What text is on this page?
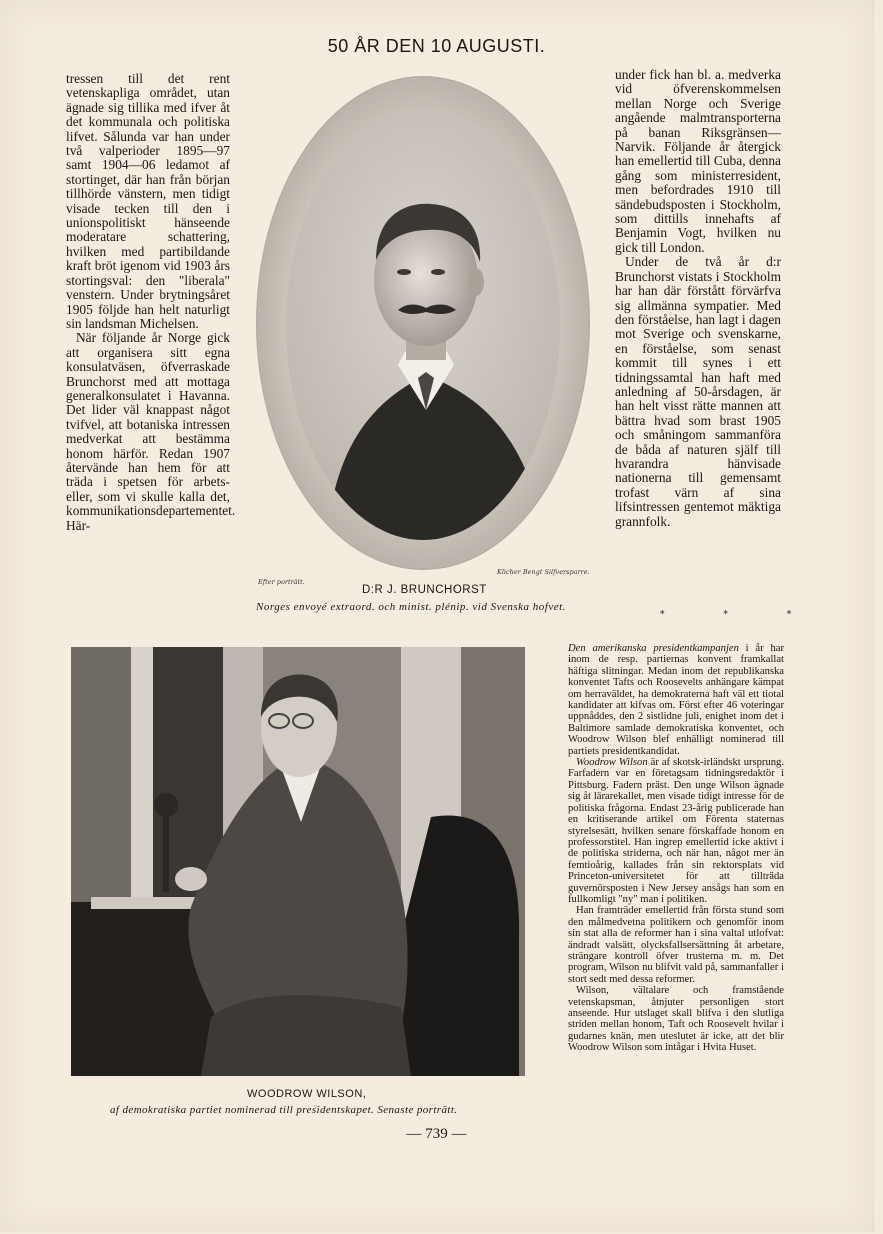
50 ÅR DEN 10 AUGUSTI.

tressen till det rent vetenskapliga området, utan ägnade sig tillika med ifver åt det kommunala och politiska lifvet. Sålunda var han under två valperioder 1895—97 samt 1904—06 ledamot af stortinget, där han från början tillhörde vänstern, men tidigt visade tecken till den i unionspolitiskt hänseende moderatare schattering, hvilken med partibildande kraft bröt igenom vid 1903 års stortingsval: den "liberala" venstern. Under brytningsåret 1905 följde han helt naturligt sin landsman Michelsen.

När följande år Norge gick att organisera sitt egna konsulatväsen, öfverraskade Brunchorst med att mottaga generalkonsulatet i Havanna. Det lider väl knappast något tvifvel, att botaniska intressen medverkat att bestämma honom härför. Redan 1907 återvände han hem för att träda i spetsen för arbets- eller, som vi skulle kalla det, kommunikationsdepartementet. Här-

Efter porträtt.
Klicher Bengt Silfversparre.
D:R J. BRUNCHORST
Norges envoyé extraord. och minist. plénip. vid Svenska hofvet.

under fick han bl. a. medverka vid öfverenskommelsen mellan Norge och Sverige angående malmtransporterna på banan Riksgränsen—Narvik. Följande år återgick han emellertid till Cuba, denna gång som ministerresident, men befordrades 1910 till sändebudsposten i Stockholm, som dittills innehafts af Benjamin Vogt, hvilken nu gick till London.

Under de två år d:r Brunchorst vistats i Stockholm har han där förstått förvärfva sig allmänna sympatier. Med den förståelse, han lagt i dagen mot Sverige och svenskarne, en förståelse, som senast kommit till synes i ett tidningssamtal han haft med anledning af 50-årsdagen, är han helt visst rätte mannen att bättra hvad som brast 1905 och småningom sammanföra de båda af naturen själf till hvarandra hänvisade nationerna till gemensamt trofast värn af sina lifsintressen gentemot mäktiga grannfolk.

* * *
WOODROW WILSON,
af demokratiska partiet nominerad till presidentskapet. Senaste porträtt.

Den amerikanska presidentkampanjen i år har inom de resp. partiernas konvent framkallat häftiga slitningar. Medan inom det republikanska konventet Tafts och Roosevelts anhängare kämpat om herraväldet, ha demokraterna haft väl ett tiotal kandidater att kifvas om. Först efter 46 voteringar uppnåddes, den 2 sistlidne juli, enighet inom det i Baltimore samlade demokratiska konventet, och Woodrow Wilson blef enhälligt nominerad till partiets presidentkandidat.

Woodrow Wilson är af skotsk-irländskt ursprung. Farfadern var en företagsam tidningsredaktör i Pittsburg. Fadern präst. Den unge Wilson ägnade sig åt lärarekallet, men visade tidigt intresse för de politiska frågorna. Endast 23-årig publicerade han en kritiserande artikel om Förenta staternas styrelsesätt, hvilken senare förskaffade honom en professorstitel. Han ingrep emellertid icke aktivt i de politiska striderna, och när han, något mer än femtioårig, kallades från sin rektorsplats vid Princeton-universitetet för att tillträda guvernörsposten i New Jersey ansågs han som en fullkomligt "ny" man i politiken.

Han framträder emellertid från första stund som den målmedvetna politikern och genomför inom sin stat alla de reformer han i sina valtal utlofvat: ändradt valsätt, olycksfallsersättning åt arbetare, strängare kontroll öfver trusterna m. m. Det program, Wilson nu blifvit vald på, sammanfaller i stort sedt med dessa reformer.

Wilson, vältalare och framstående vetenskapsman, åtnjuter personligen stort anseende. Hur utslaget skall blifva i den slutliga striden mellan honom, Taft och Roosevelt hvilar i gudarnes knän, men uteslutet är icke, att det blir Woodrow Wilson som intågar i Hvita Huset.

— 739 —
